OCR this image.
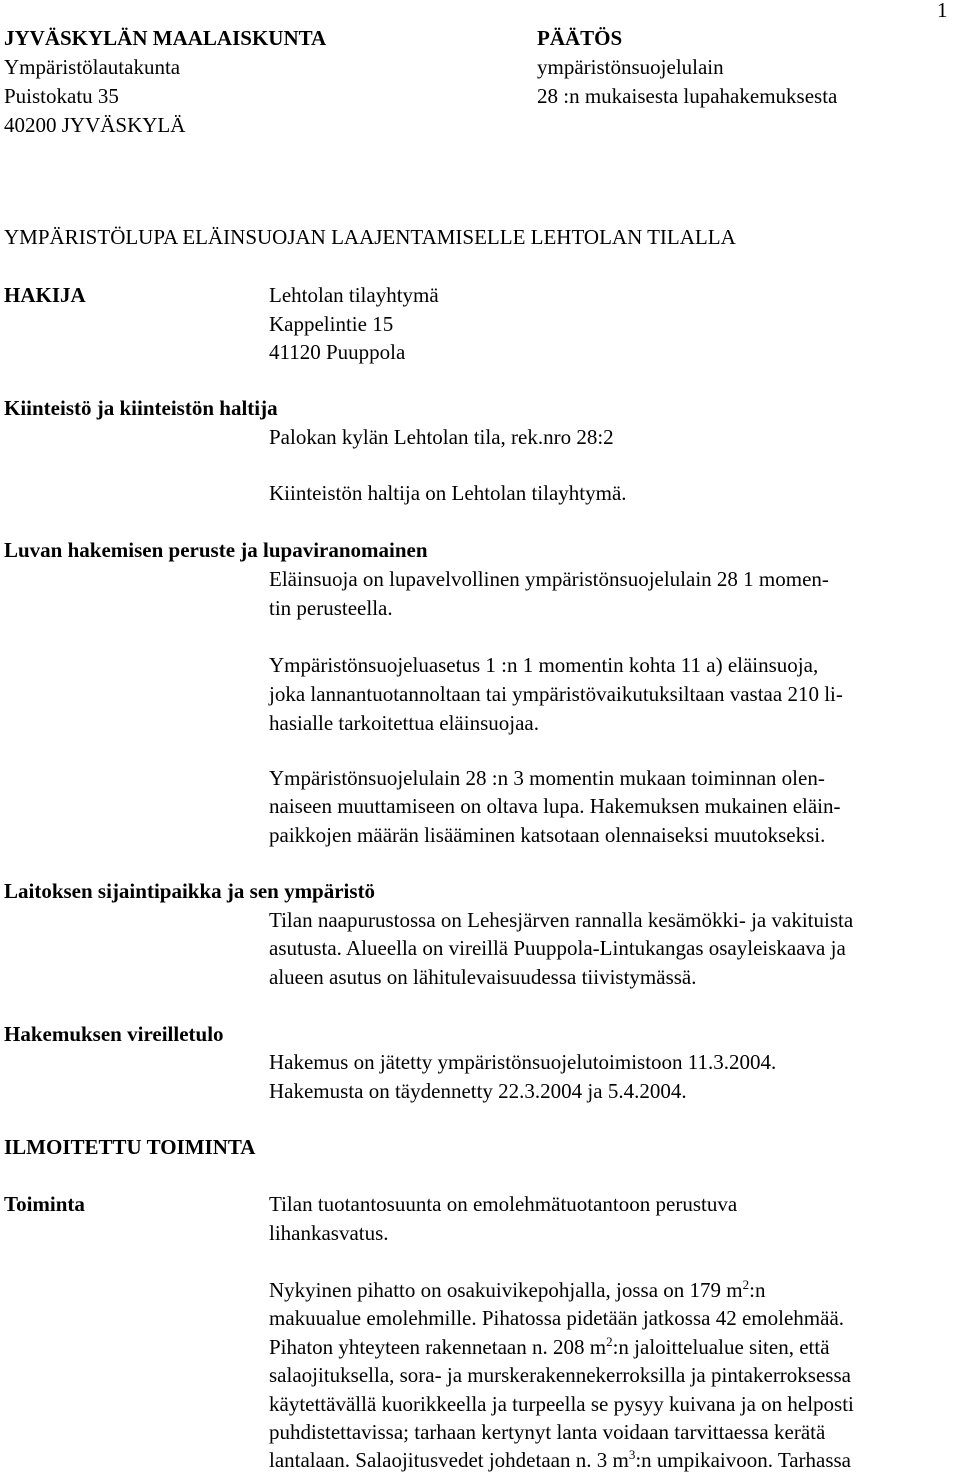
1
JYVÄSKYLÄN MAALAISKUNTA
Ympäristölautakunta
Puistokatu 35
40200 JYVÄSKYLÄ
PÄÄTÖS
ympäristönsuojelulain
28 :n mukaisesta lupahakemuksesta
YMPÄRISTÖLUPA ELÄINSUOJAN LAAJENTAMISELLE LEHTOLAN TILALLA
HAKIJA	Lehtolan tilayhtymä
Kappelintie 15
41120 Puuppola
Kiinteistö ja kiinteistön haltija
Palokan kylän Lehtolan tila, rek.nro 28:2
Kiinteistön haltija on Lehtolan tilayhtymä.
Luvan hakemisen peruste ja lupaviranomainen
Eläinsuoja on lupavelvollinen ympäristönsuojelulain 28 1 momen-
tin perusteella.
Ympäristönsuojeluasetus 1 :n 1 momentin kohta 11 a) eläinsuoja,
joka lannantuotannoltaan tai ympäristövaikutuksiltaan vastaa 210 li-
hasialle tarkoitettua eläinsuojaa.
Ympäristönsuojelulain 28 :n 3 momentin mukaan toiminnan olen-
naiseen muuttamiseen on oltava lupa. Hakemuksen mukainen eläin-
paikkojen määrän lisääminen katsotaan olennaiseksi muutokseksi.
Laitoksen sijaintipaikka ja sen ympäristö
Tilan naapurustossa on Lehesjärven rannalla kesämökki- ja vakituista
asutusta. Alueella on vireillä Puuppola-Lintukangas osayleiskaava ja
alueen asutus on lähitulevaisuudessa tiivistymässä.
Hakemuksen vireilletulo
Hakemus on jätetty ympäristönsuojelutoimistoon 11.3.2004.
Hakemusta on täydennetty 22.3.2004 ja 5.4.2004.
ILMOITETTU TOIMINTA
Toiminta	Tilan tuotantosuunta on emolehmätuotantoon perustuva
lihankasvatus.
Nykyinen pihatto on osakuivikepohjalla, jossa on 179 $m^2:n$
makuualue emolehmille. Pihatossa pidetään jatkossa 42 emolehmää.
Pihaton yhteyteen rakennetaan n. 208 $m^2:n$ jaloittelualue siten, että
salaojituksella, sora- ja murskerakennekerroksilla ja pintakerroksessa
käytettävällä kuorikkeella ja turpeella se pysyy kuivana ja on helposti
puhdistettavissa; tarhaan kertynyt lanta voidaan tarvittaessa kerätä
lantalaan. Salaojitusvedet johdetaan n. 3 $m^3:n$ umpikaivoon. Tarhassa
